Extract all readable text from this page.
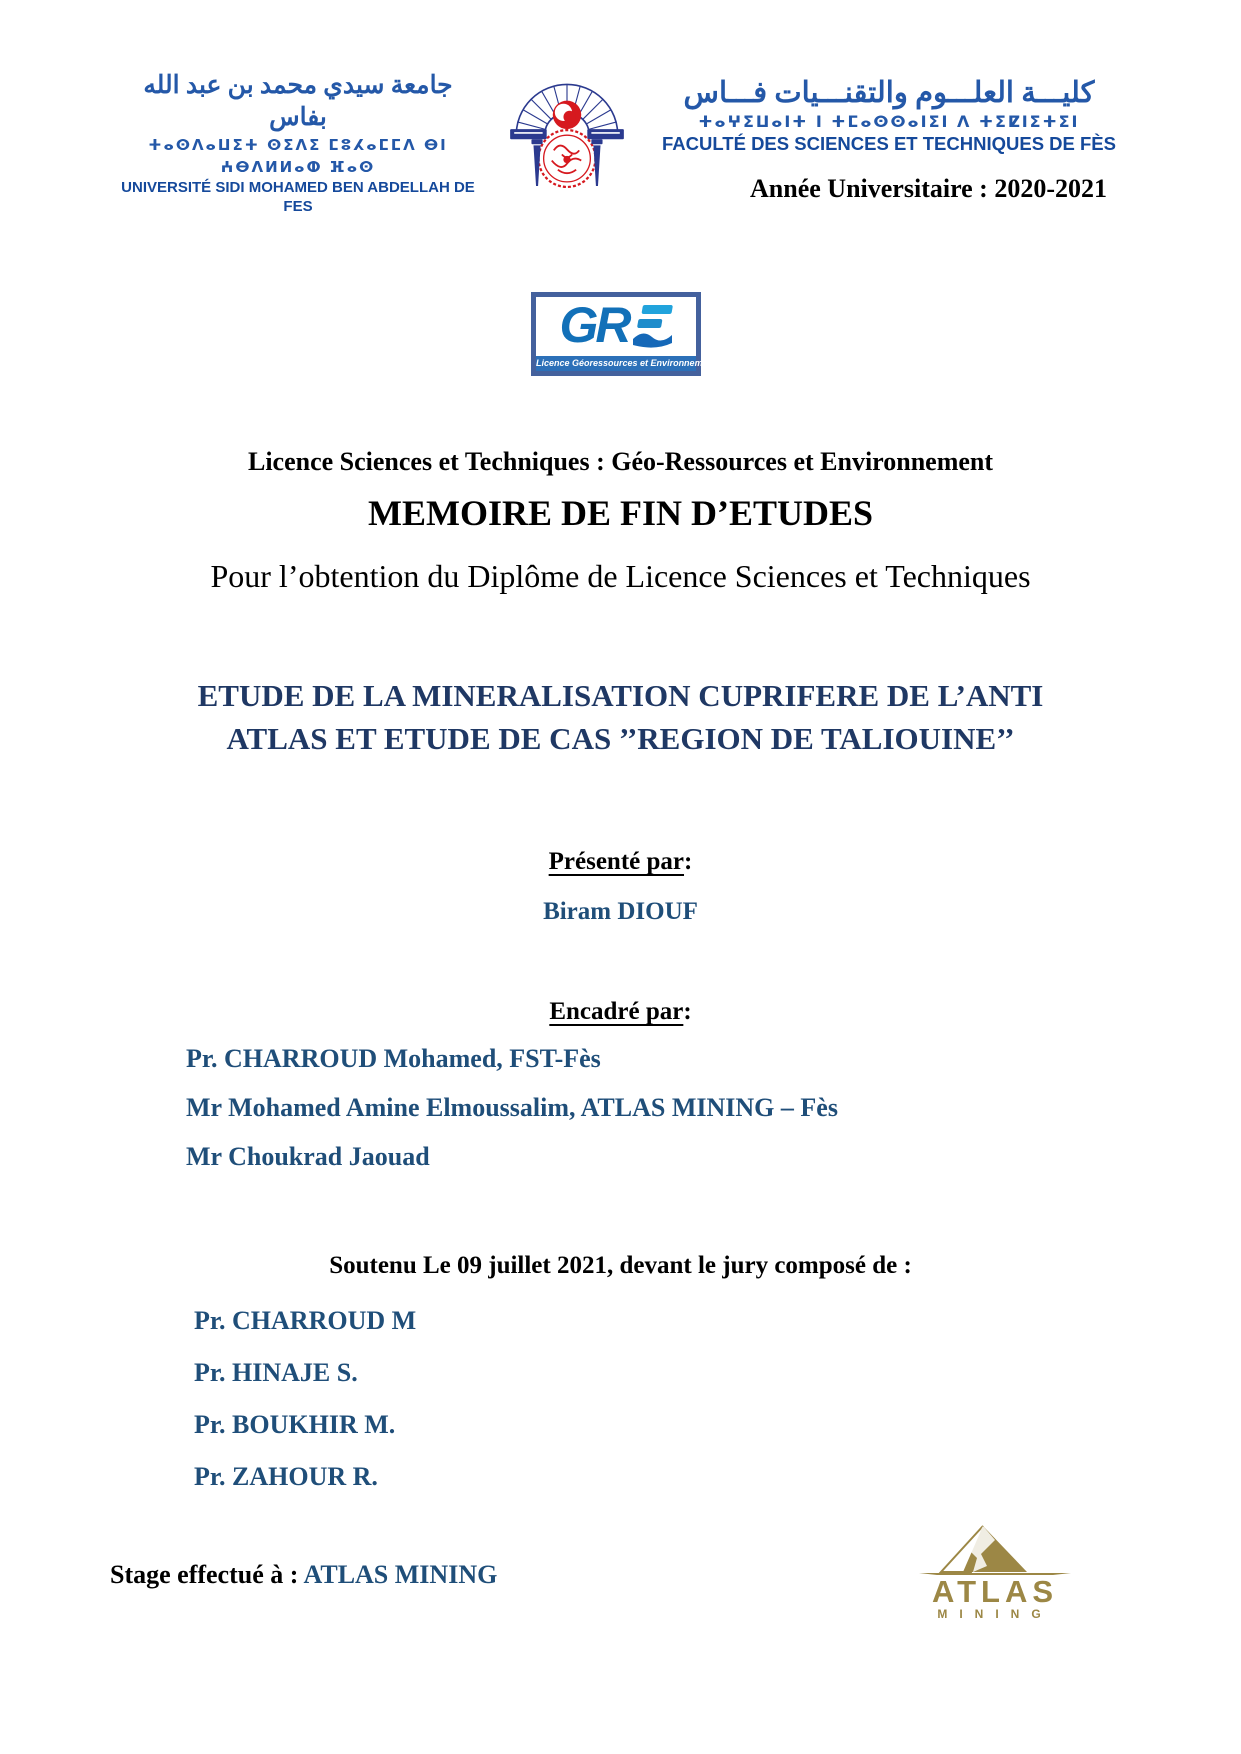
جامعة سيدي محمد بن عبد الله بفاس
ⵜⴰⵙⴷⴰⵡⵉⵜ ⵙⵉⴷⵉ ⵎⵓⵃⴰⵎⵎⴷ ⴱⵏ ⵄⴱⴷⵍⵍⴰⵀ ⴼⴰⵙ
UNIVERSITÉ SIDI MOHAMED BEN ABDELLAH DE FES
كليـــة العلـــوم والتقنـــيات فـــاس
ⵜⴰⵖⵉⵡⴰⵏⵜ ⵏ ⵜⵎⴰⵙⵙⴰⵏⵉⵏ ⴷ ⵜⵉⵇⵏⵉⵜⵉⵏ
FACULTÉ DES SCIENCES ET TECHNIQUES DE FÈS
Année Universitaire : 2020-2021
GR
Licence Géoressources et Environnement
Licence Sciences et Techniques : Géo-Ressources et Environnement
MEMOIRE DE FIN D’ETUDES
Pour l’obtention du Diplôme de Licence Sciences et Techniques
ETUDE DE LA MINERALISATION CUPRIFERE DE L’ANTI
ATLAS ET ETUDE DE CAS ’’REGION DE TALIOUINE’’
Présenté par:
Biram DIOUF
Encadré par:
Pr. CHARROUD Mohamed, FST-Fès
Mr Mohamed Amine Elmoussalim, ATLAS MINING – Fès
Mr Choukrad Jaouad
Soutenu Le 09 juillet 2021, devant le jury composé de :
Pr. CHARROUD M
Pr. HINAJE S.
Pr. BOUKHIR M.
Pr. ZAHOUR R.
Stage effectué à : ATLAS MINING	ATLAS
MINING
